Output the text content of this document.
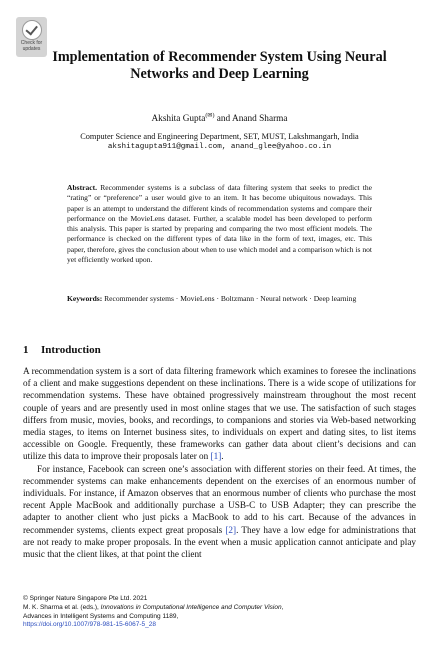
Check for
updates
Implementation of Recommender System Using Neural Networks and Deep Learning
Akshita Gupta(✉) and Anand Sharma
Computer Science and Engineering Department, SET, MUST, Lakshmangarh, India
akshitagupta911@gmail.com, anand_glee@yahoo.co.in
Abstract. Recommender systems is a subclass of data filtering system that seeks to predict the “rating” or “preference” a user would give to an item. It has become ubiquitous nowadays. This paper is an attempt to understand the different kinds of recommendation systems and compare their performance on the MovieLens dataset. Further, a scalable model has been developed to perform this analysis. This paper is started by preparing and comparing the two most efficient models. The performance is checked on the different types of data like in the form of text, images, etc. This paper, therefore, gives the conclusion about when to use which model and a comparison which is not yet efficiently worked upon.
Keywords: Recommender systems · MovieLens · Boltzmann · Neural network · Deep learning
1 Introduction

A recommendation system is a sort of data filtering framework which examines to foresee the inclinations of a client and make suggestions dependent on these inclinations. There is a wide scope of utilizations for recommendation systems. These have obtained progressively mainstream throughout the most recent couple of years and are presently used in most online stages that we use. The satisfaction of such stages differs from music, movies, books, and recordings, to companions and stories via Web-based networking media stages, to items on Internet business sites, to individuals on expert and dating sites, to list items accessible on Google. Frequently, these frameworks can gather data about client’s decisions and can utilize this data to improve their proposals later on [1].

For instance, Facebook can screen one’s association with different stories on their feed. At times, the recommender systems can make enhancements dependent on the exercises of an enormous number of individuals. For instance, if Amazon observes that an enormous number of clients who purchase the most recent Apple MacBook and additionally purchase a USB-C to USB Adapter; they can prescribe the adapter to another client who just picks a MacBook to add to his cart. Because of the advances in recommender systems, clients expect great proposals [2]. They have a low edge for administrations that are not ready to make proper proposals. In the event when a music application cannot anticipate and play music that the client likes, at that point the client

© Springer Nature Singapore Pte Ltd. 2021
M. K. Sharma et al. (eds.), Innovations in Computational Intelligence and Computer Vision,
Advances in Intelligent Systems and Computing 1189,
https://doi.org/10.1007/978-981-15-6067-5_28
